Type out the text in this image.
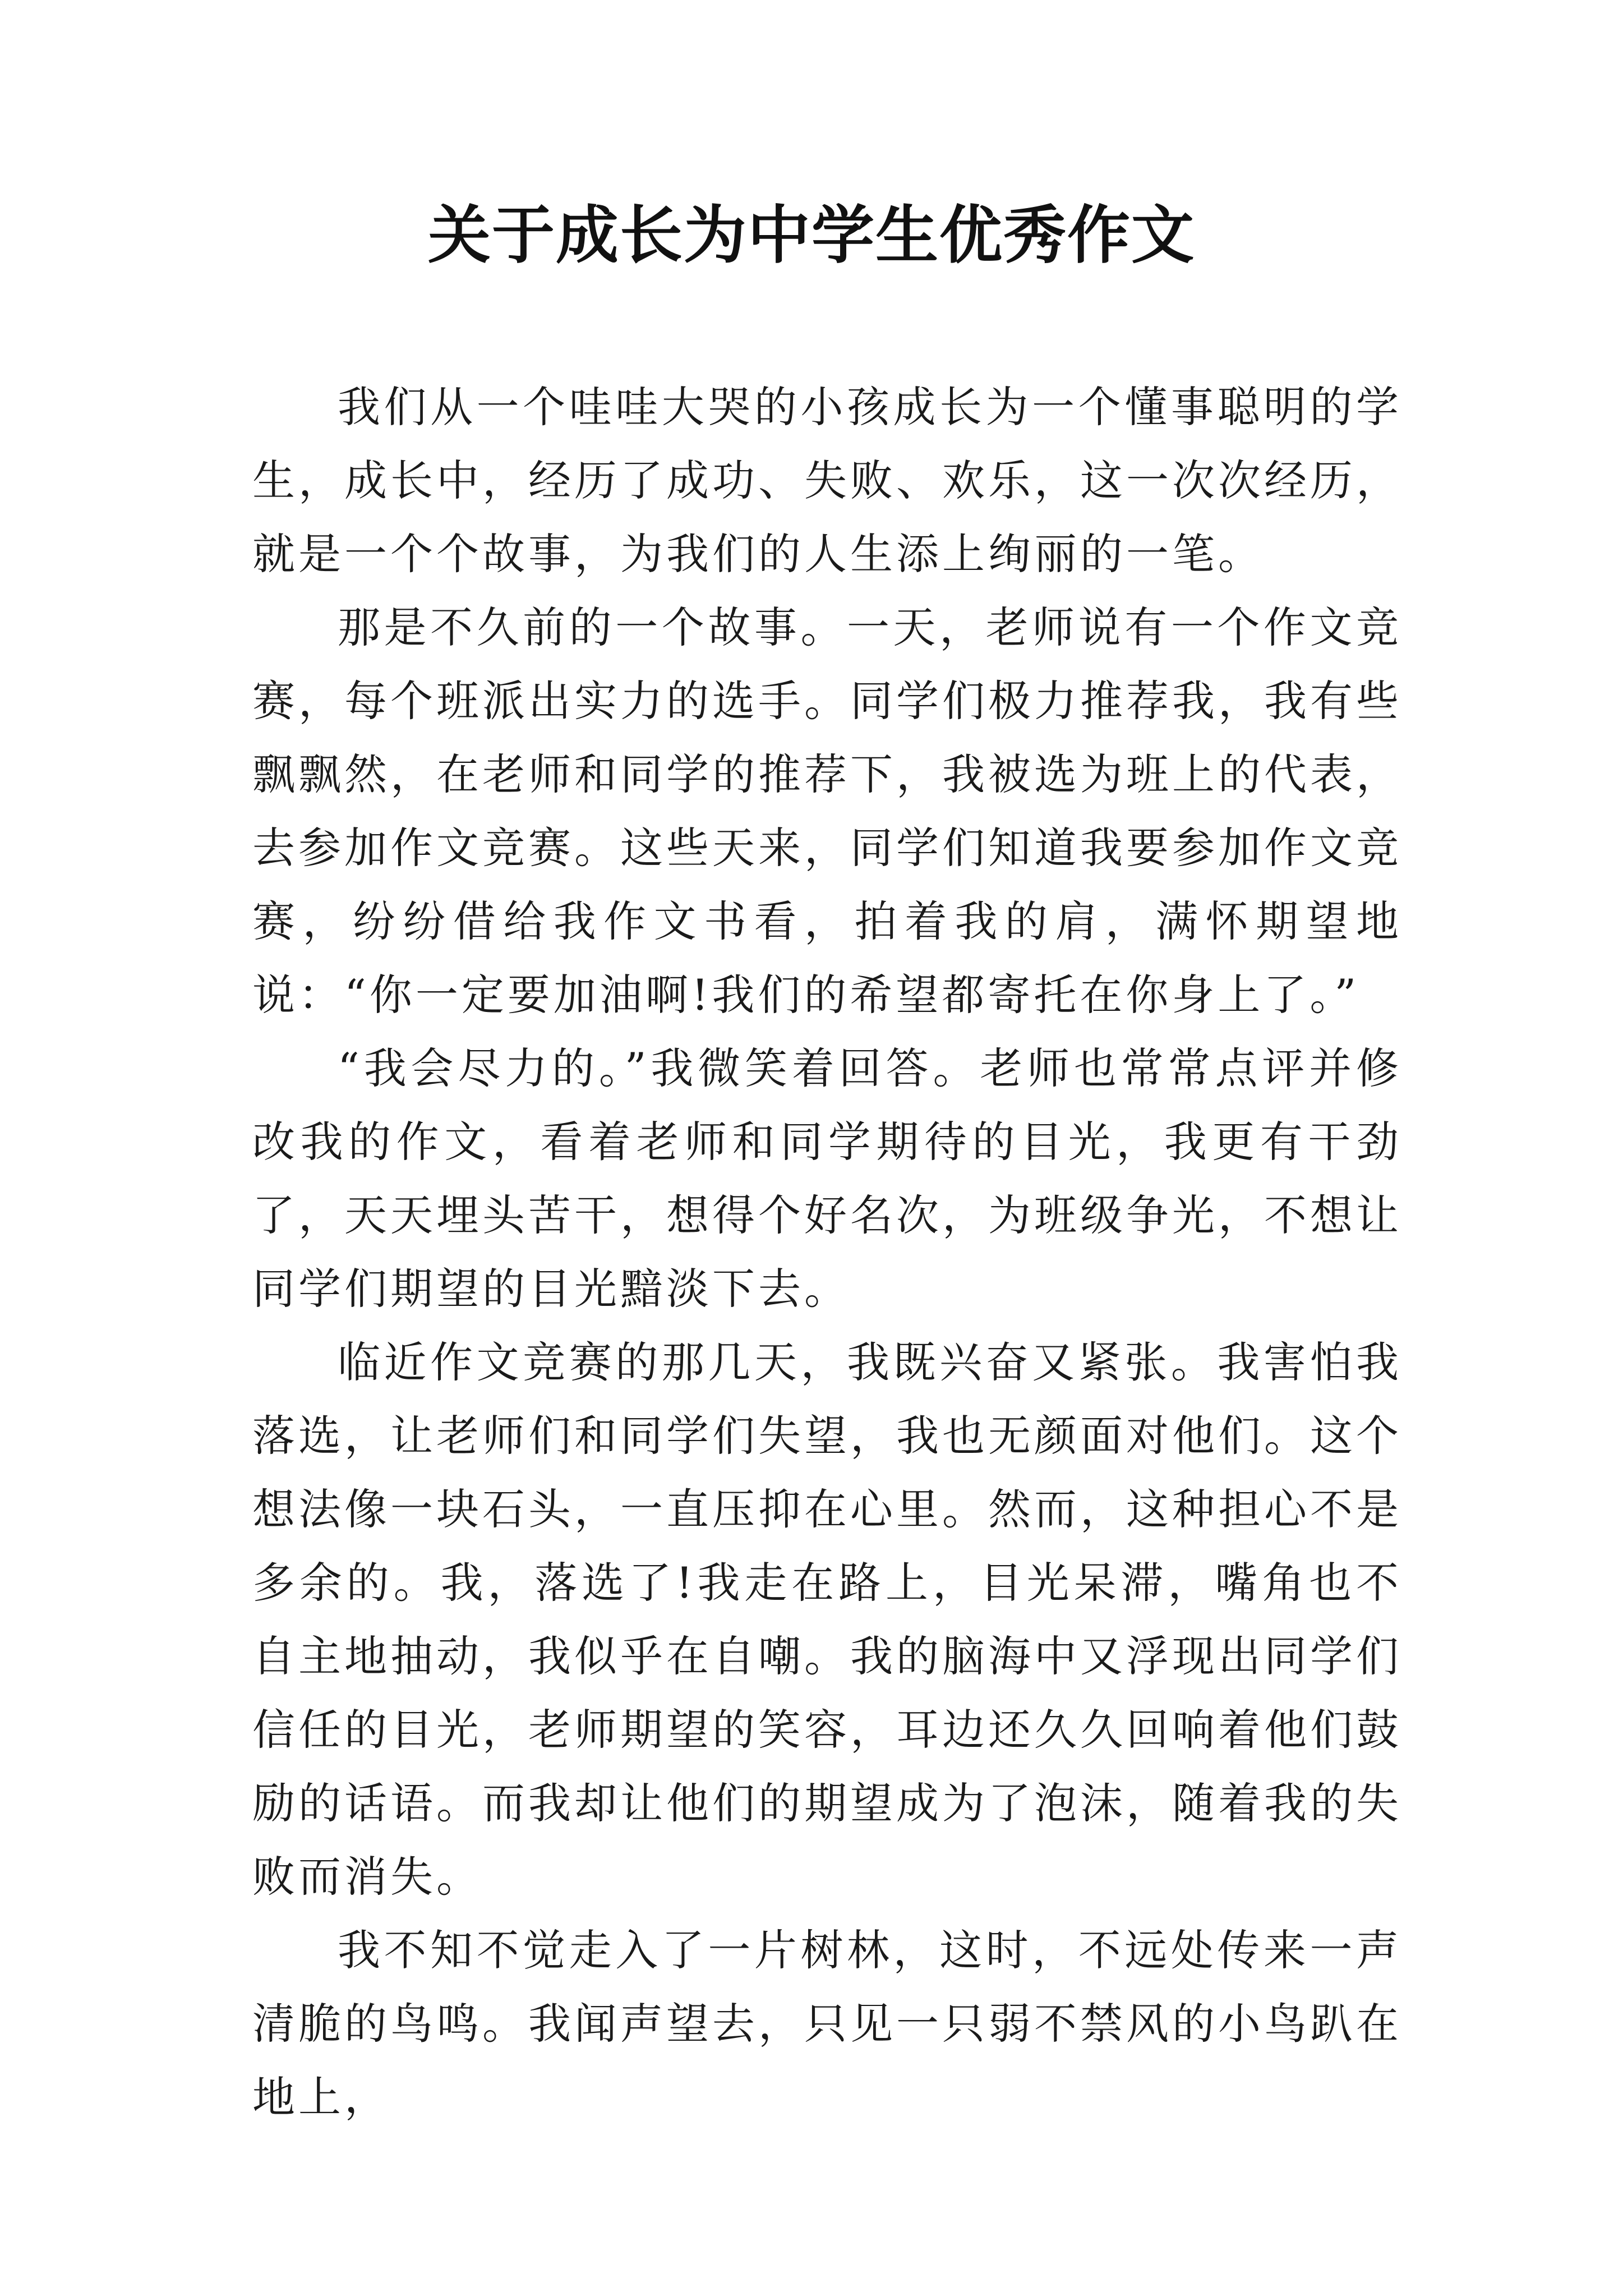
关于成长为中学生优秀作文

我们从一个哇哇大哭的小孩成长为一个懂事聪明的学生，成长中，经历了成功、失败、欢乐，这一次次经历，就是一个个故事，为我们的人生添上绚丽的一笔。

那是不久前的一个故事。一天，老师说有一个作文竞赛，每个班派出实力的选手。同学们极力推荐我，我有些飘飘然，在老师和同学的推荐下，我被选为班上的代表，去参加作文竞赛。这些天来，同学们知道我要参加作文竞赛，纷纷借给我作文书看，拍着我的肩，满怀期望地说：“你一定要加油啊!我们的希望都寄托在你身上了。”

“我会尽力的。”我微笑着回答。老师也常常点评并修改我的作文，看着老师和同学期待的目光，我更有干劲了，天天埋头苦干，想得个好名次，为班级争光，不想让同学们期望的目光黯淡下去。

临近作文竞赛的那几天，我既兴奋又紧张。我害怕我落选，让老师们和同学们失望，我也无颜面对他们。这个想法像一块石头，一直压抑在心里。然而，这种担心不是多余的。我，落选了!我走在路上，目光呆滞，嘴角也不自主地抽动，我似乎在自嘲。我的脑海中又浮现出同学们信任的目光，老师期望的笑容，耳边还久久回响着他们鼓励的话语。而我却让他们的期望成为了泡沫，随着我的失败而消失。

我不知不觉走入了一片树林，这时，不远处传来一声清脆的鸟鸣。我闻声望去，只见一只弱不禁风的小鸟趴在地上，
